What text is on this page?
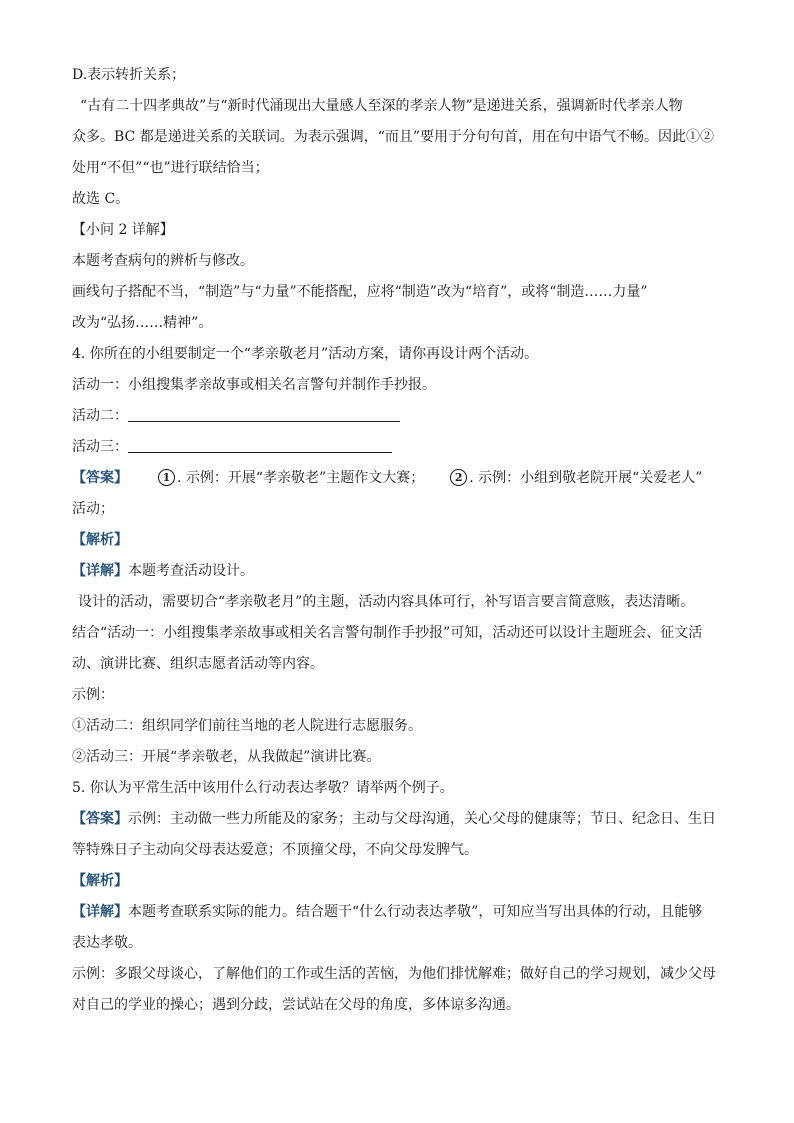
D.表示转折关系；
“古有二十四孝典故”与“新时代涌现出大量感人至深的孝亲人物”是递进关系，强调新时代孝亲人物
众多。BC 都是递进关系的关联词。为表示强调，“而且”要用于分句句首，用在句中语气不畅。因此①②
处用“不但”“也”进行联结恰当；
故选 C。
【小问 2 详解】
本题考查病句的辨析与修改。
画线句子搭配不当，“制造”与“力量”不能搭配，应将“制造”改为“培育”，或将“制造……力量”
改为“弘扬……精神”。
4. 你所在的小组要制定一个“孝亲敬老月”活动方案，请你再设计两个活动。
活动一：小组搜集孝亲故事或相关名言警句并制作手抄报。
活动二：
活动三：
【答案】	1 . 示例：开展“孝亲敬老”主题作文大赛；	2 . 示例：小组到敬老院开展“关爱老人”
活动；
【解析】
【详解】本题考查活动设计。
设计的活动，需要切合“孝亲敬老月”的主题，活动内容具体可行，补写语言要言简意赅，表达清晰。
结合“活动一：小组搜集孝亲故事或相关名言警句制作手抄报”可知，活动还可以设计主题班会、征文活
动、演讲比赛、组织志愿者活动等内容。
示例：
①活动二：组织同学们前往当地的老人院进行志愿服务。
②活动三：开展“孝亲敬老，从我做起”演讲比赛。
5. 你认为平常生活中该用什么行动表达孝敬？请举两个例子。
【答案】示例：主动做一些力所能及的家务；主动与父母沟通，关心父母的健康等；节日、纪念日、生日
等特殊日子主动向父母表达爱意；不顶撞父母，不向父母发脾气。
【解析】
【详解】本题考查联系实际的能力。结合题干“什么行动表达孝敬”，可知应当写出具体的行动，且能够
表达孝敬。
示例：多跟父母谈心，了解他们的工作或生活的苦恼，为他们排忧解难；做好自己的学习规划，减少父母
对自己的学业的操心；遇到分歧，尝试站在父母的角度，多体谅多沟通。
